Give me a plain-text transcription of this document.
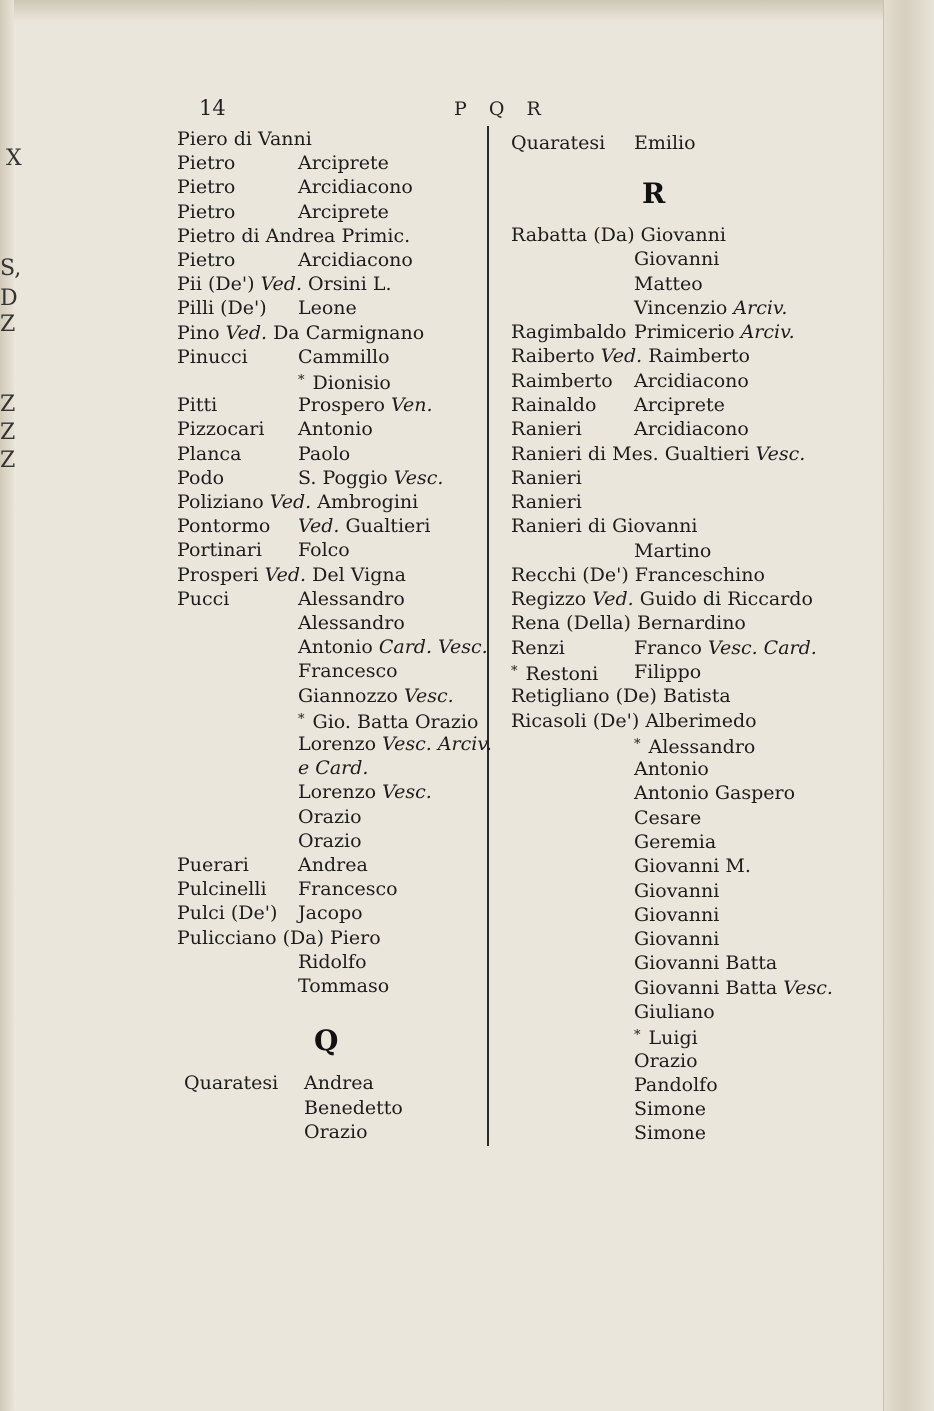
X
S,
D
Z
Z
Z
Z
14	P Q R
Piero di Vanni
Pietro	Arciprete
Pietro	Arcidiacono
Pietro	Arciprete
Pietro di Andrea Primic.
Pietro	Arcidiacono
Pii (De') Ved. Orsini L.
Pilli (De') Leone
Pino Ved. Da Carmignano
Pinucci	Cammillo
* Dionisio
Pitti	Prospero Ven.
Pizzocari Antonio
Planca	Paolo
Podo	S. Poggio Vesc.
Poliziano Ved. Ambrogini
Pontormo Ved. Gualtieri
Portinari Folco
Prosperi Ved. Del Vigna
Pucci	Alessandro
Alessandro
Antonio Card. Vesc.
Francesco
Giannozzo Vesc.
* Gio. Batta Orazio
Lorenzo Vesc. Arciv.
e Card.
Lorenzo Vesc.
Orazio
Orazio
Puerari	Andrea
Pulcinelli Francesco
Pulci (De') Jacopo
Pulicciano (Da) Piero
Ridolfo
Tommaso
Quaratesi Andrea
Benedetto
Orazio
Quaratesi Emilio
Rabatta (Da) Giovanni
Giovanni
Matteo
Vincenzio Arciv.
Ragimbaldo Primicerio Arciv.
Raiberto Ved. Raimberto
Raimberto Arcidiacono
Rainaldo Arciprete
Ranieri	Arcidiacono
Ranieri di Mes. Gualtieri Vesc.
Ranieri
Ranieri
Ranieri di Giovanni
Martino
Recchi (De') Franceschino
Regizzo Ved. Guido di Riccardo
Rena (Della) Bernardino
Renzi	Franco Vesc. Card.
* Restoni Filippo
Retigliano (De) Batista
Ricasoli (De') Alberimedo
* Alessandro
Antonio
Antonio Gaspero
Cesare
Geremia
Giovanni M.
Giovanni
Giovanni
Giovanni
Giovanni Batta
Giovanni Batta Vesc.
Giuliano
* Luigi
Orazio
Pandolfo
Simone
Simone
Q
R
